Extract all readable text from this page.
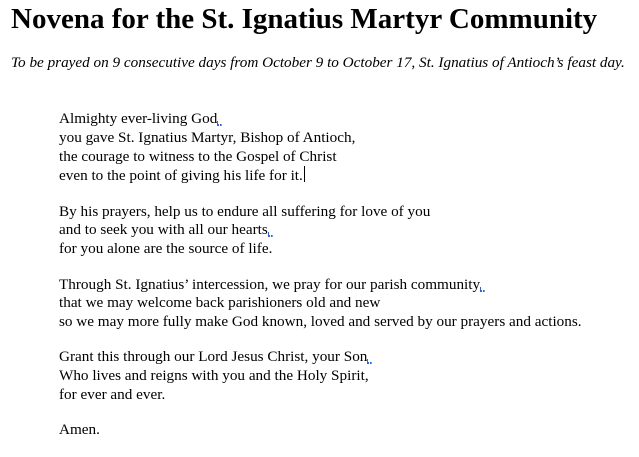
Novena for the St. Ignatius Martyr Community

To be prayed on 9 consecutive days from October 9 to October 17, St. Ignatius of Antioch’s feast day.

Almighty ever-living God
you gave St. Ignatius Martyr, Bishop of Antioch,
the courage to witness to the Gospel of Christ
even to the point of giving his life for it.

By his prayers, help us to endure all suffering for love of you
and to seek you with all our hearts
for you alone are the source of life.

Through St. Ignatius’ intercession, we pray for our parish community
that we may welcome back parishioners old and new
so we may more fully make God known, loved and served by our prayers and actions.

Grant this through our Lord Jesus Christ, your Son
Who lives and reigns with you and the Holy Spirit,
for ever and ever.

Amen.
